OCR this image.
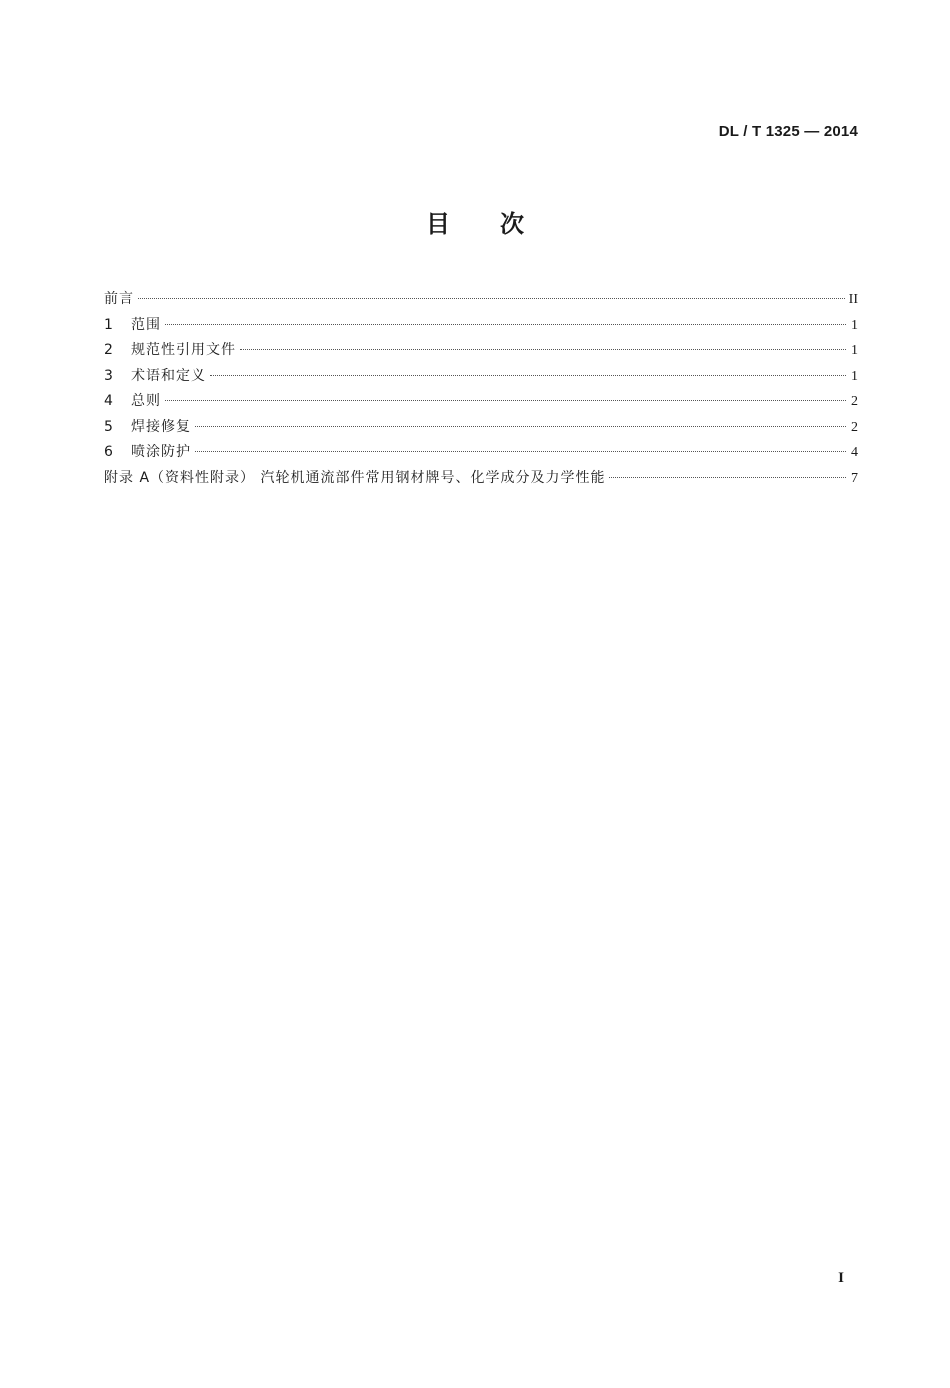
DL / T 1325 — 2014
目次
前言	II
1	范围	1
2	规范性引用文件	1
3	术语和定义	1
4	总则	2
5	焊接修复	2
6	喷涂防护	4
附录 A（资料性附录） 汽轮机通流部件常用钢材牌号、化学成分及力学性能	7
I
